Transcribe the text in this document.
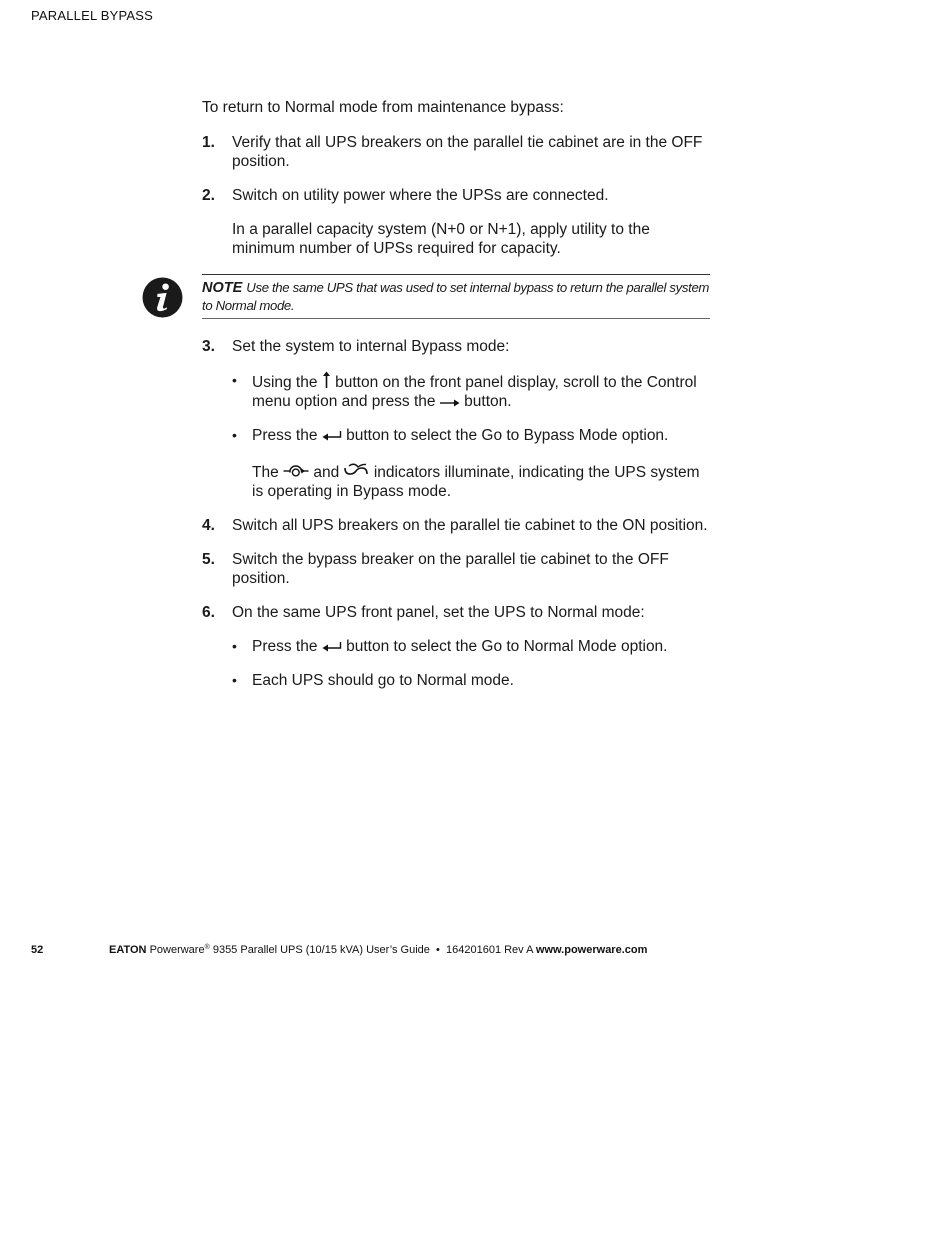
PARALLEL BYPASS

To return to Normal mode from maintenance bypass:

1.	Verify that all UPS breakers on the parallel tie cabinet are in the OFF position.
2.	Switch on utility power where the UPSs are connected.

In a parallel capacity system (N+0 or N+1), apply utility to the minimum number of UPSs required for capacity.

NOTE Use the same UPS that was used to set internal bypass to return the parallel system to Normal mode.
3.	Set the system to internal Bypass mode:
• Using the button on the front panel display, scroll to the Control menu option and press the button.
• Press the button to select the Go to Bypass Mode option.

The and indicators illuminate, indicating the UPS system is operating in Bypass mode.

4.	Switch all UPS breakers on the parallel tie cabinet to the ON position.
5.	Switch the bypass breaker on the parallel tie cabinet to the OFF position.
6.	On the same UPS front panel, set the UPS to Normal mode:
• Press the button to select the Go to Normal Mode option.
• Each UPS should go to Normal mode.
52	EATON Powerware® 9355 Parallel UPS (10/15 kVA) User’s Guide • 164201601 Rev A www.powerware.com
